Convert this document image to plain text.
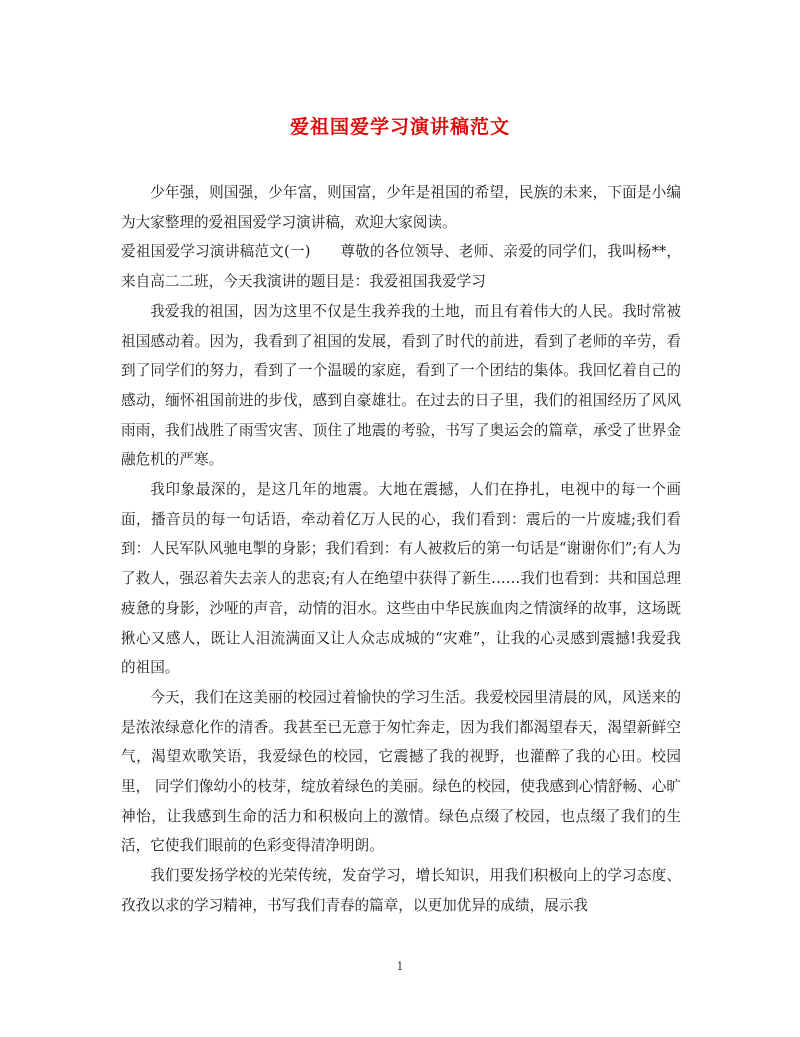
爱祖国爱学习演讲稿范文

少年强，则国强，少年富，则国富，少年是祖国的希望，民族的未来，下面是小编为大家整理的爱祖国爱学习演讲稿，欢迎大家阅读。

爱祖国爱学习演讲稿范文(一)　　尊敬的各位领导、老师、亲爱的同学们，我叫杨**，来自高二二班，今天我演讲的题目是：我爱祖国我爱学习

我爱我的祖国，因为这里不仅是生我养我的土地，而且有着伟大的人民。我时常被祖国感动着。因为，我看到了祖国的发展，看到了时代的前进，看到了老师的辛劳，看到了同学们的努力，看到了一个温暖的家庭，看到了一个团结的集体。我回忆着自己的 感动，缅怀祖国前进的步伐，感到自豪雄壮。在过去的日子里，我们的祖国经历了风风雨雨，我们战胜了雨雪灾害、顶住了地震的考验，书写了奥运会的篇章，承受了世界金融危机的严寒。

我印象最深的，是这几年的地震。大地在震撼，人们在挣扎，电视中的每一个画面，播音员的每一句话语，牵动着亿万人民的心，我们看到：震后的一片废墟;我们看到：人民军队风驰电掣的身影；我们看到：有人被救后的第一句话是“谢谢你们”;有人为了救人，强忍着失去亲人的悲哀;有人在绝望中获得了新生……我们也看到：共和国总理疲惫的身影，沙哑的声音，动情的泪水。这些由中华民族血肉之情演绎的故事，这场既揪心又感人，既让人泪流满面又让人众志成城的“灾难”，让我的心灵感到震撼!我爱我的祖国。

今天，我们在这美丽的校园过着愉快的学习生活。我爱校园里清晨的风，风送来的是浓浓绿意化作的清香。我甚至已无意于匆忙奔走，因为我们都渴望春天，渴望新鲜空气，渴望欢歌笑语，我爱绿色的校园，它震撼了我的视野，也灌醉了我的心田。校园里， 同学们像幼小的枝芽，绽放着绿色的美丽。绿色的校园，使我感到心情舒畅、心旷神怡，让我感到生命的活力和积极向上的激情。绿色点缀了校园，也点缀了我们的生活，它使我们眼前的色彩变得清净明朗。

我们要发扬学校的光荣传统，发奋学习，增长知识，用我们积极向上的学习态度、孜孜以求的学习精神，书写我们青春的篇章，以更加优异的成绩，展示我

1
